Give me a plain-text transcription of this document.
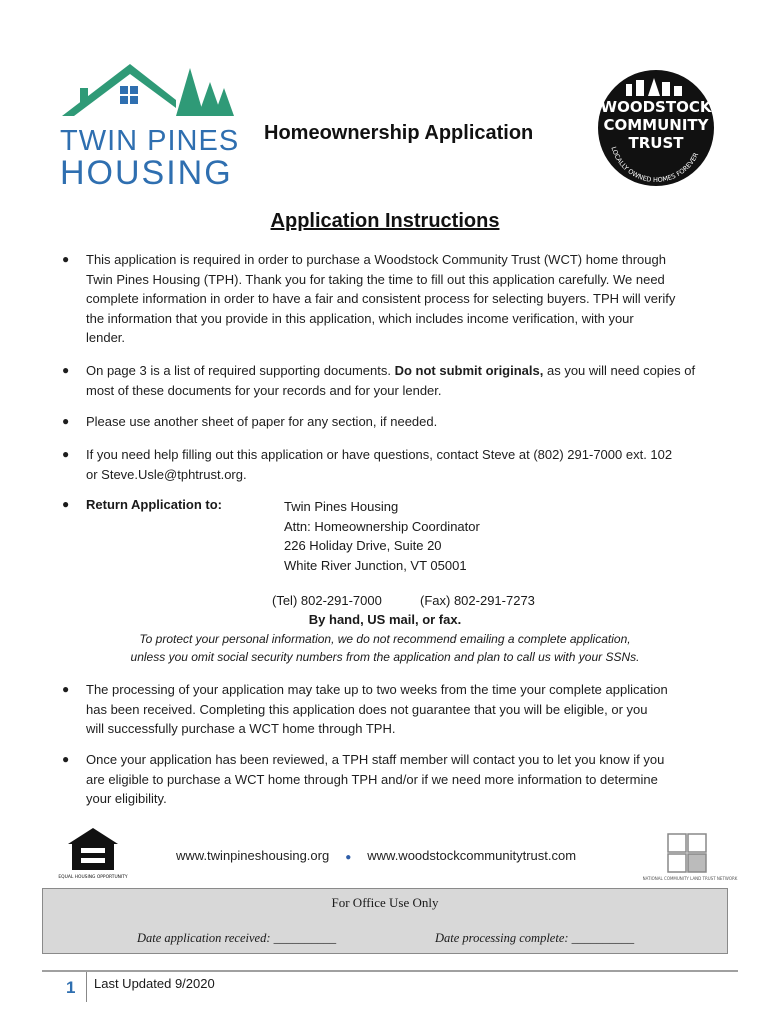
TWIN PINES
HOUSING
Homeownership Application
WOODSTOCK
COMMUNITY
TRUST
LOCALLY OWNED HOMES FOREVER
Application Instructions
● This application is required in order to purchase a Woodstock Community Trust (WCT) home through
Twin Pines Housing (TPH). Thank you for taking the time to fill out this application carefully. We need
complete information in order to have a fair and consistent process for selecting buyers. TPH will verify
the information that you provide in this application, which includes income verification, with your
lender.
● On page 3 is a list of required supporting documents. Do not submit originals, as you will need copies of
most of these documents for your records and for your lender.
● Please use another sheet of paper for any section, if needed.
● If you need help filling out this application or have questions, contact Steve at (802) 291-7000 ext. 102
or Steve.Usle@tphtrust.org.
● Return Application to:	Twin Pines Housing
Attn: Homeownership Coordinator
226 Holiday Drive, Suite 20
White River Junction, VT 05001
(Tel) 802-291-7000	(Fax) 802-291-7273
By hand, US mail, or fax.
To protect your personal information, we do not recommend emailing a complete application,
unless you omit social security numbers from the application and plan to call us with your SSNs.
● The processing of your application may take up to two weeks from the time your complete application
has been received. Completing this application does not guarantee that you will be eligible, or you
will successfully purchase a WCT home through TPH.
● Once your application has been reviewed, a TPH staff member will contact you to let you know if you
are eligible to purchase a WCT home through TPH and/or if we need more information to determine
your eligibility.
EQUAL HOUSING OPPORTUNITY
www.twinpineshousing.org ● www.woodstockcommunitytrust.com
NATIONAL COMMUNITY LAND TRUST NETWORK
For Office Use Only
Date application received: __________	Date processing complete: __________
1 Last Updated 9/2020
